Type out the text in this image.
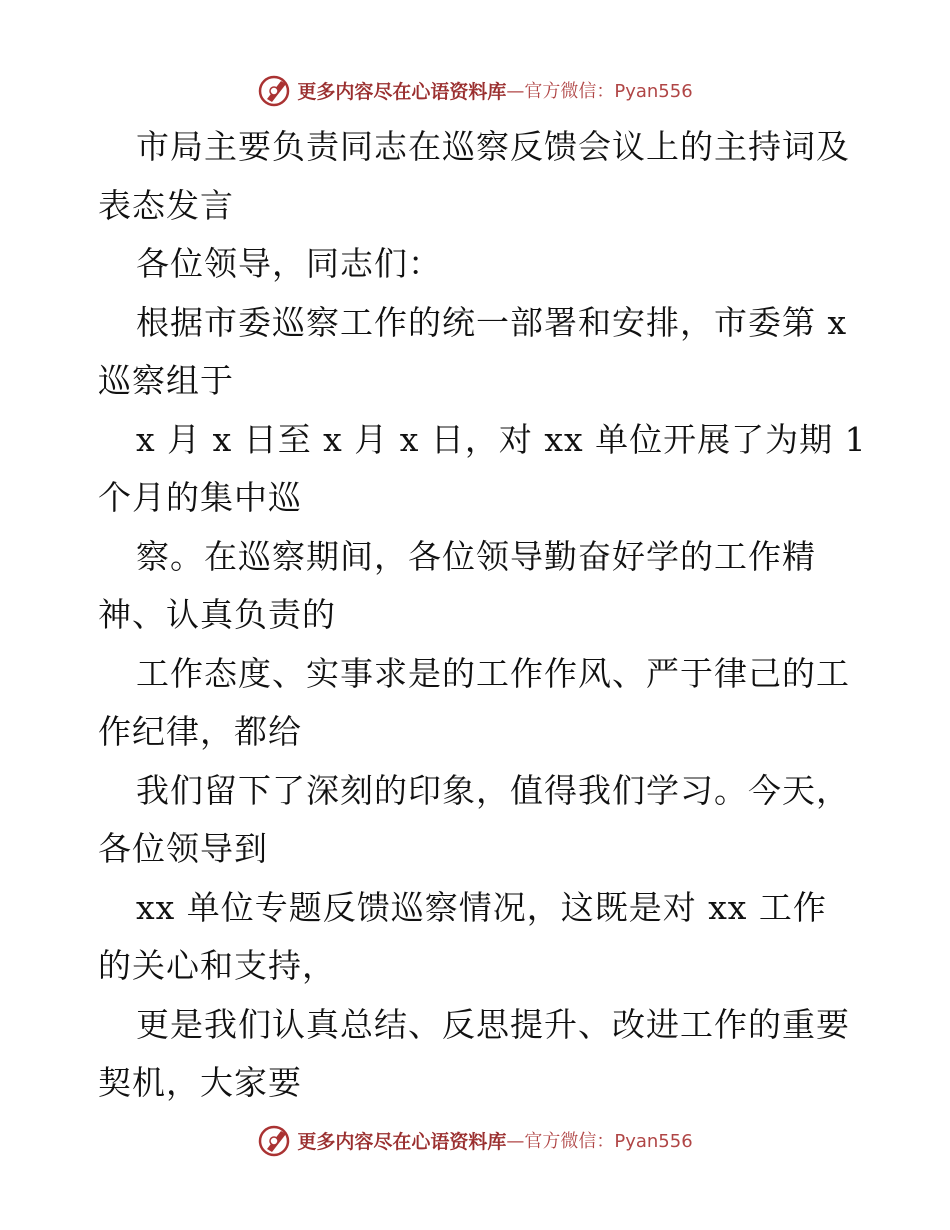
更多内容尽在心语资料库 —官方微信：Pyan556

市局主要负责同志在巡察反馈会议上的主持词及
表态发言

各位领导，同志们：

根据市委巡察工作的统一部署和安排，市委第 x
巡察组于

x 月 x 日至 x 月 x 日，对 xx 单位开展了为期 1
个月的集中巡

察。在巡察期间，各位领导勤奋好学的工作精
神、认真负责的

工作态度、实事求是的工作作风、严于律己的工
作纪律，都给

我们留下了深刻的印象，值得我们学习。今天，
各位领导到

xx 单位专题反馈巡察情况，这既是对 xx 工作
的关心和支持，

更是我们认真总结、反思提升、改进工作的重要
契机，大家要

更多内容尽在心语资料库 —官方微信：Pyan556
